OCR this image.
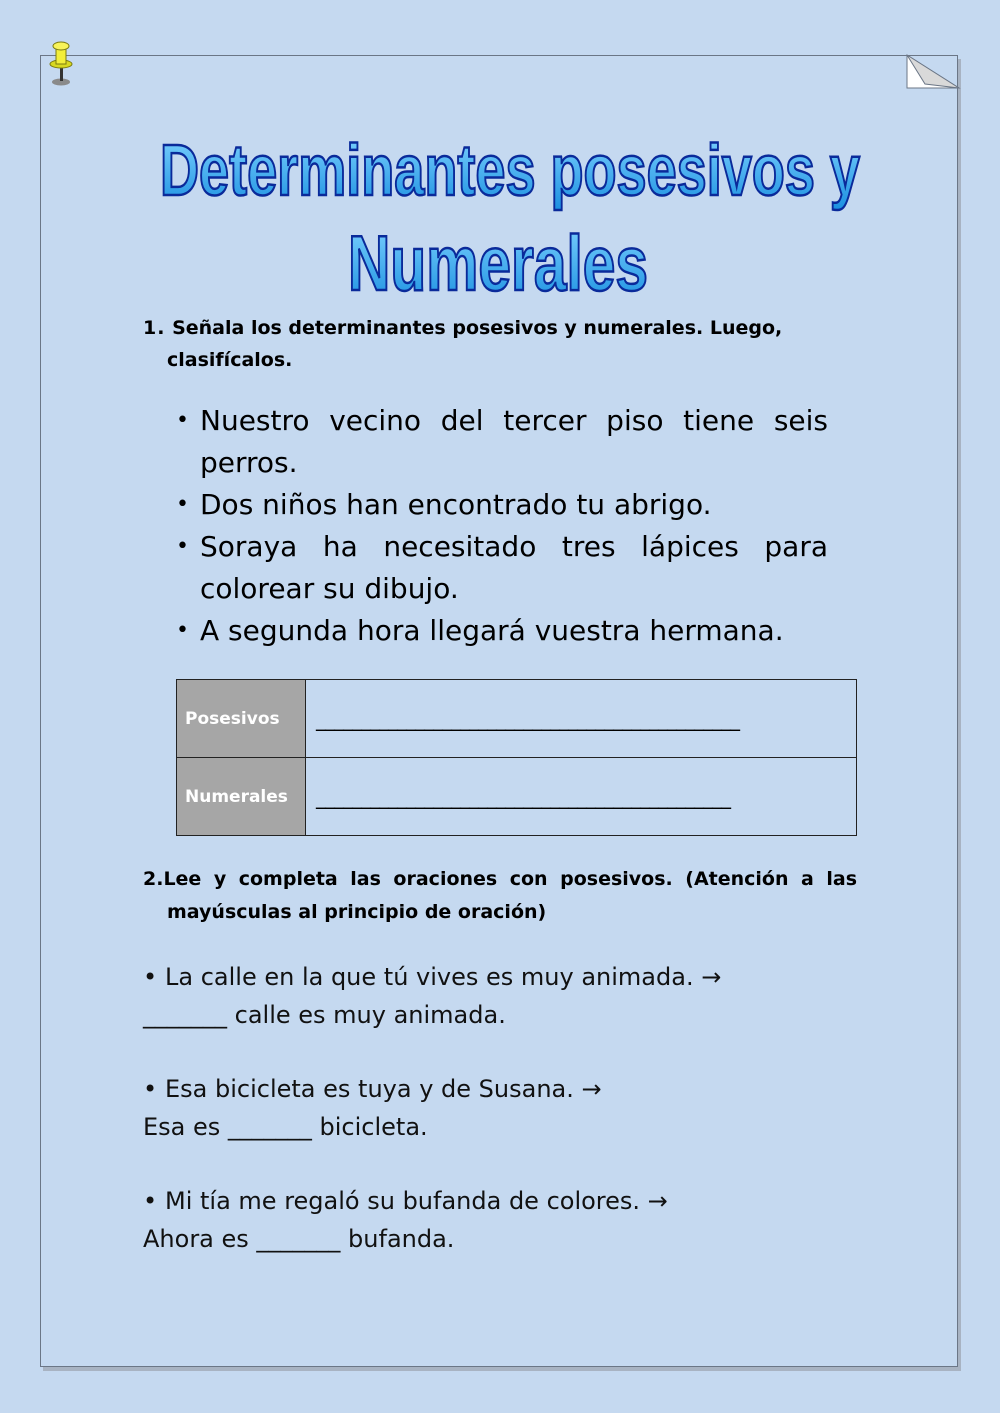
Determinantes posesivos y
Numerales
1. Señala los determinantes posesivos y numerales. Luego,
clasifícalos.
• Nuestro vecino del tercer piso tiene seis perros.
• Dos niños han encontrado tu abrigo.
• Soraya ha necesitado tres lápices para colorear su dibujo.
• A segunda hora llegará vuestra hermana.
Posesivos	_______________________________________________
Numerales	______________________________________________
2.Lee y completa las oraciones con posesivos. (Atención a las
mayúsculas al principio de oración)
• La calle en la que tú vives es muy animada. →
_______ calle es muy animada.
• Esa bicicleta es tuya y de Susana. →
Esa es _______ bicicleta.
• Mi tía me regaló su bufanda de colores. →
Ahora es _______ bufanda.
